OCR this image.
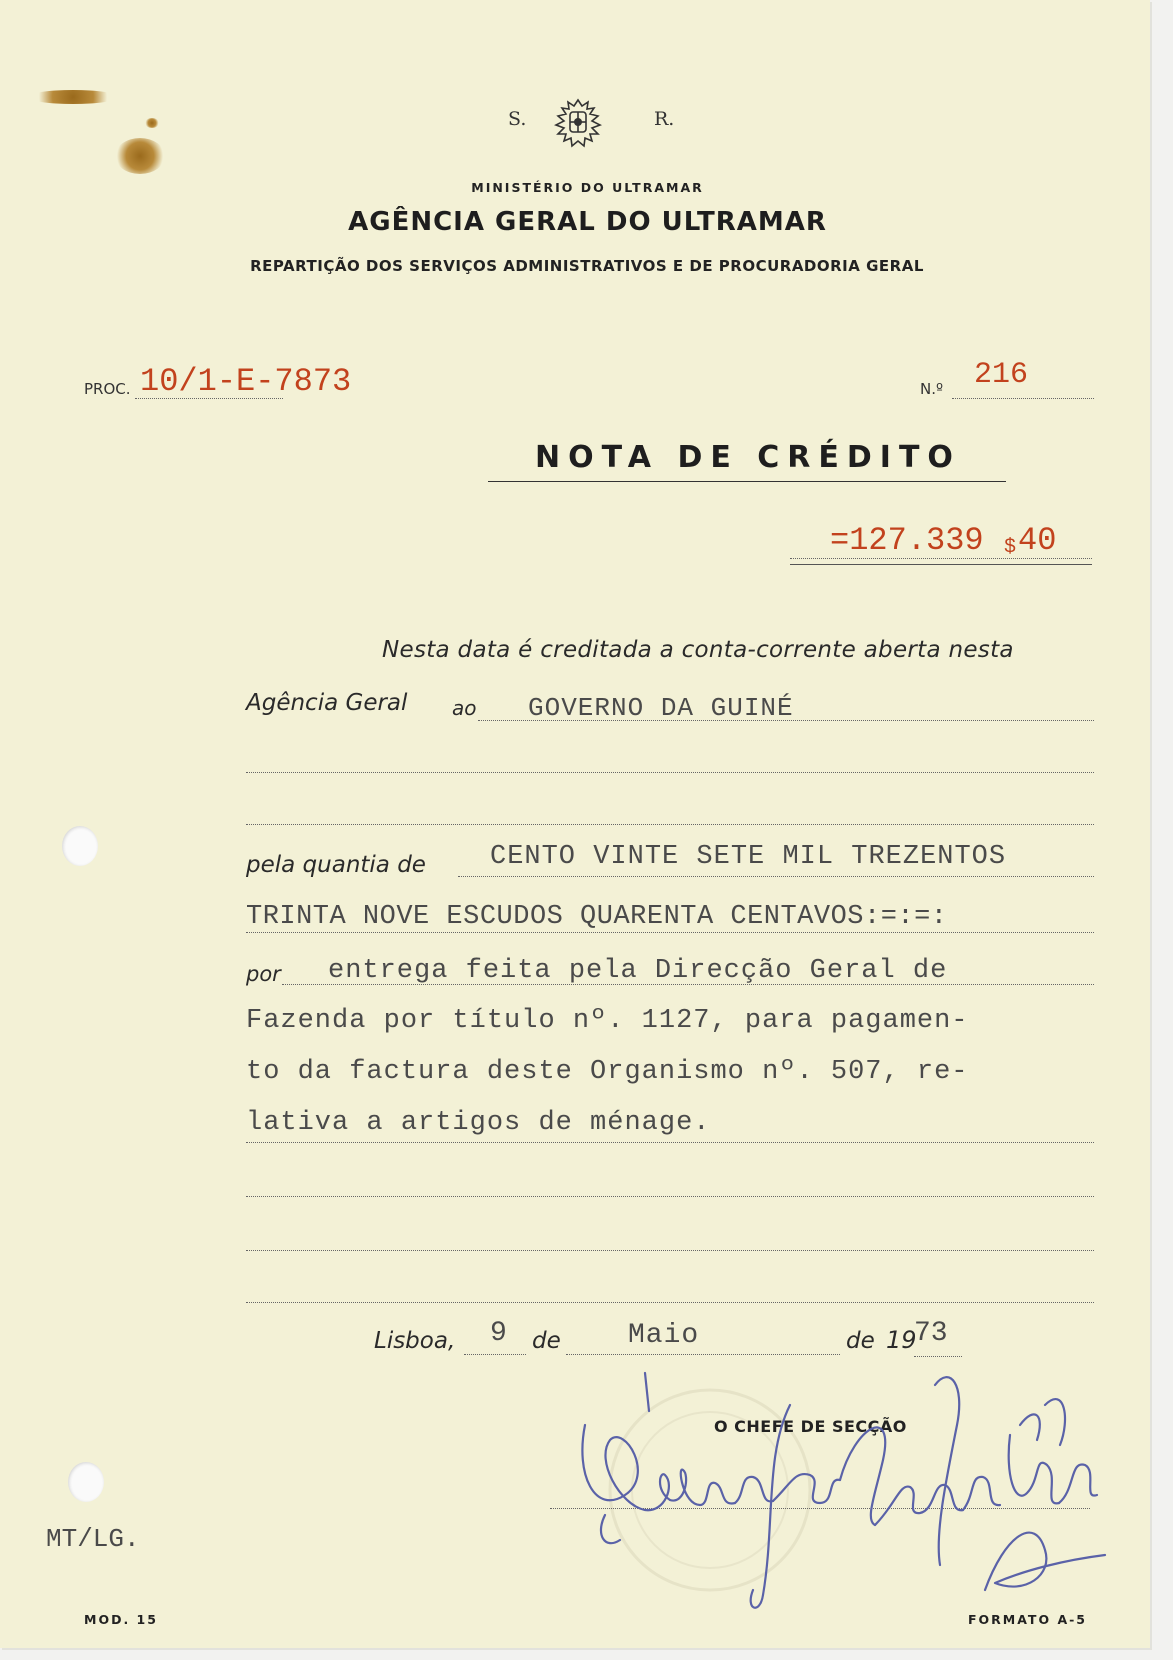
S.	R.
MINISTÉRIO DO ULTRAMAR
AGÊNCIA GERAL DO ULTRAMAR
REPARTIÇÃO DOS SERVIÇOS ADMINISTRATIVOS E DE PROCURADORIA GERAL
PROC. 10/1-E-7873	N.º 216
NOTA DE CRÉDITO
=127.339 $ 40
Nesta data é creditada a conta-corrente aberta nesta
Agência Geral ao GOVERNO DA GUINÉ
pela quantia de CENTO VINTE SETE MIL TREZENTOS
TRINTA NOVE ESCUDOS QUARENTA CENTAVOS:=:=:
por entrega feita pela Direcção Geral de
Fazenda por título nº. 1127, para pagamen-
to da factura deste Organismo nº. 507, re-
lativa a artigos de ménage.
Lisboa, 9 de Maio	de 19
73
O CHEFE DE SECÇÃO
MT/LG.
MOD. 15	FORMATO A-5
